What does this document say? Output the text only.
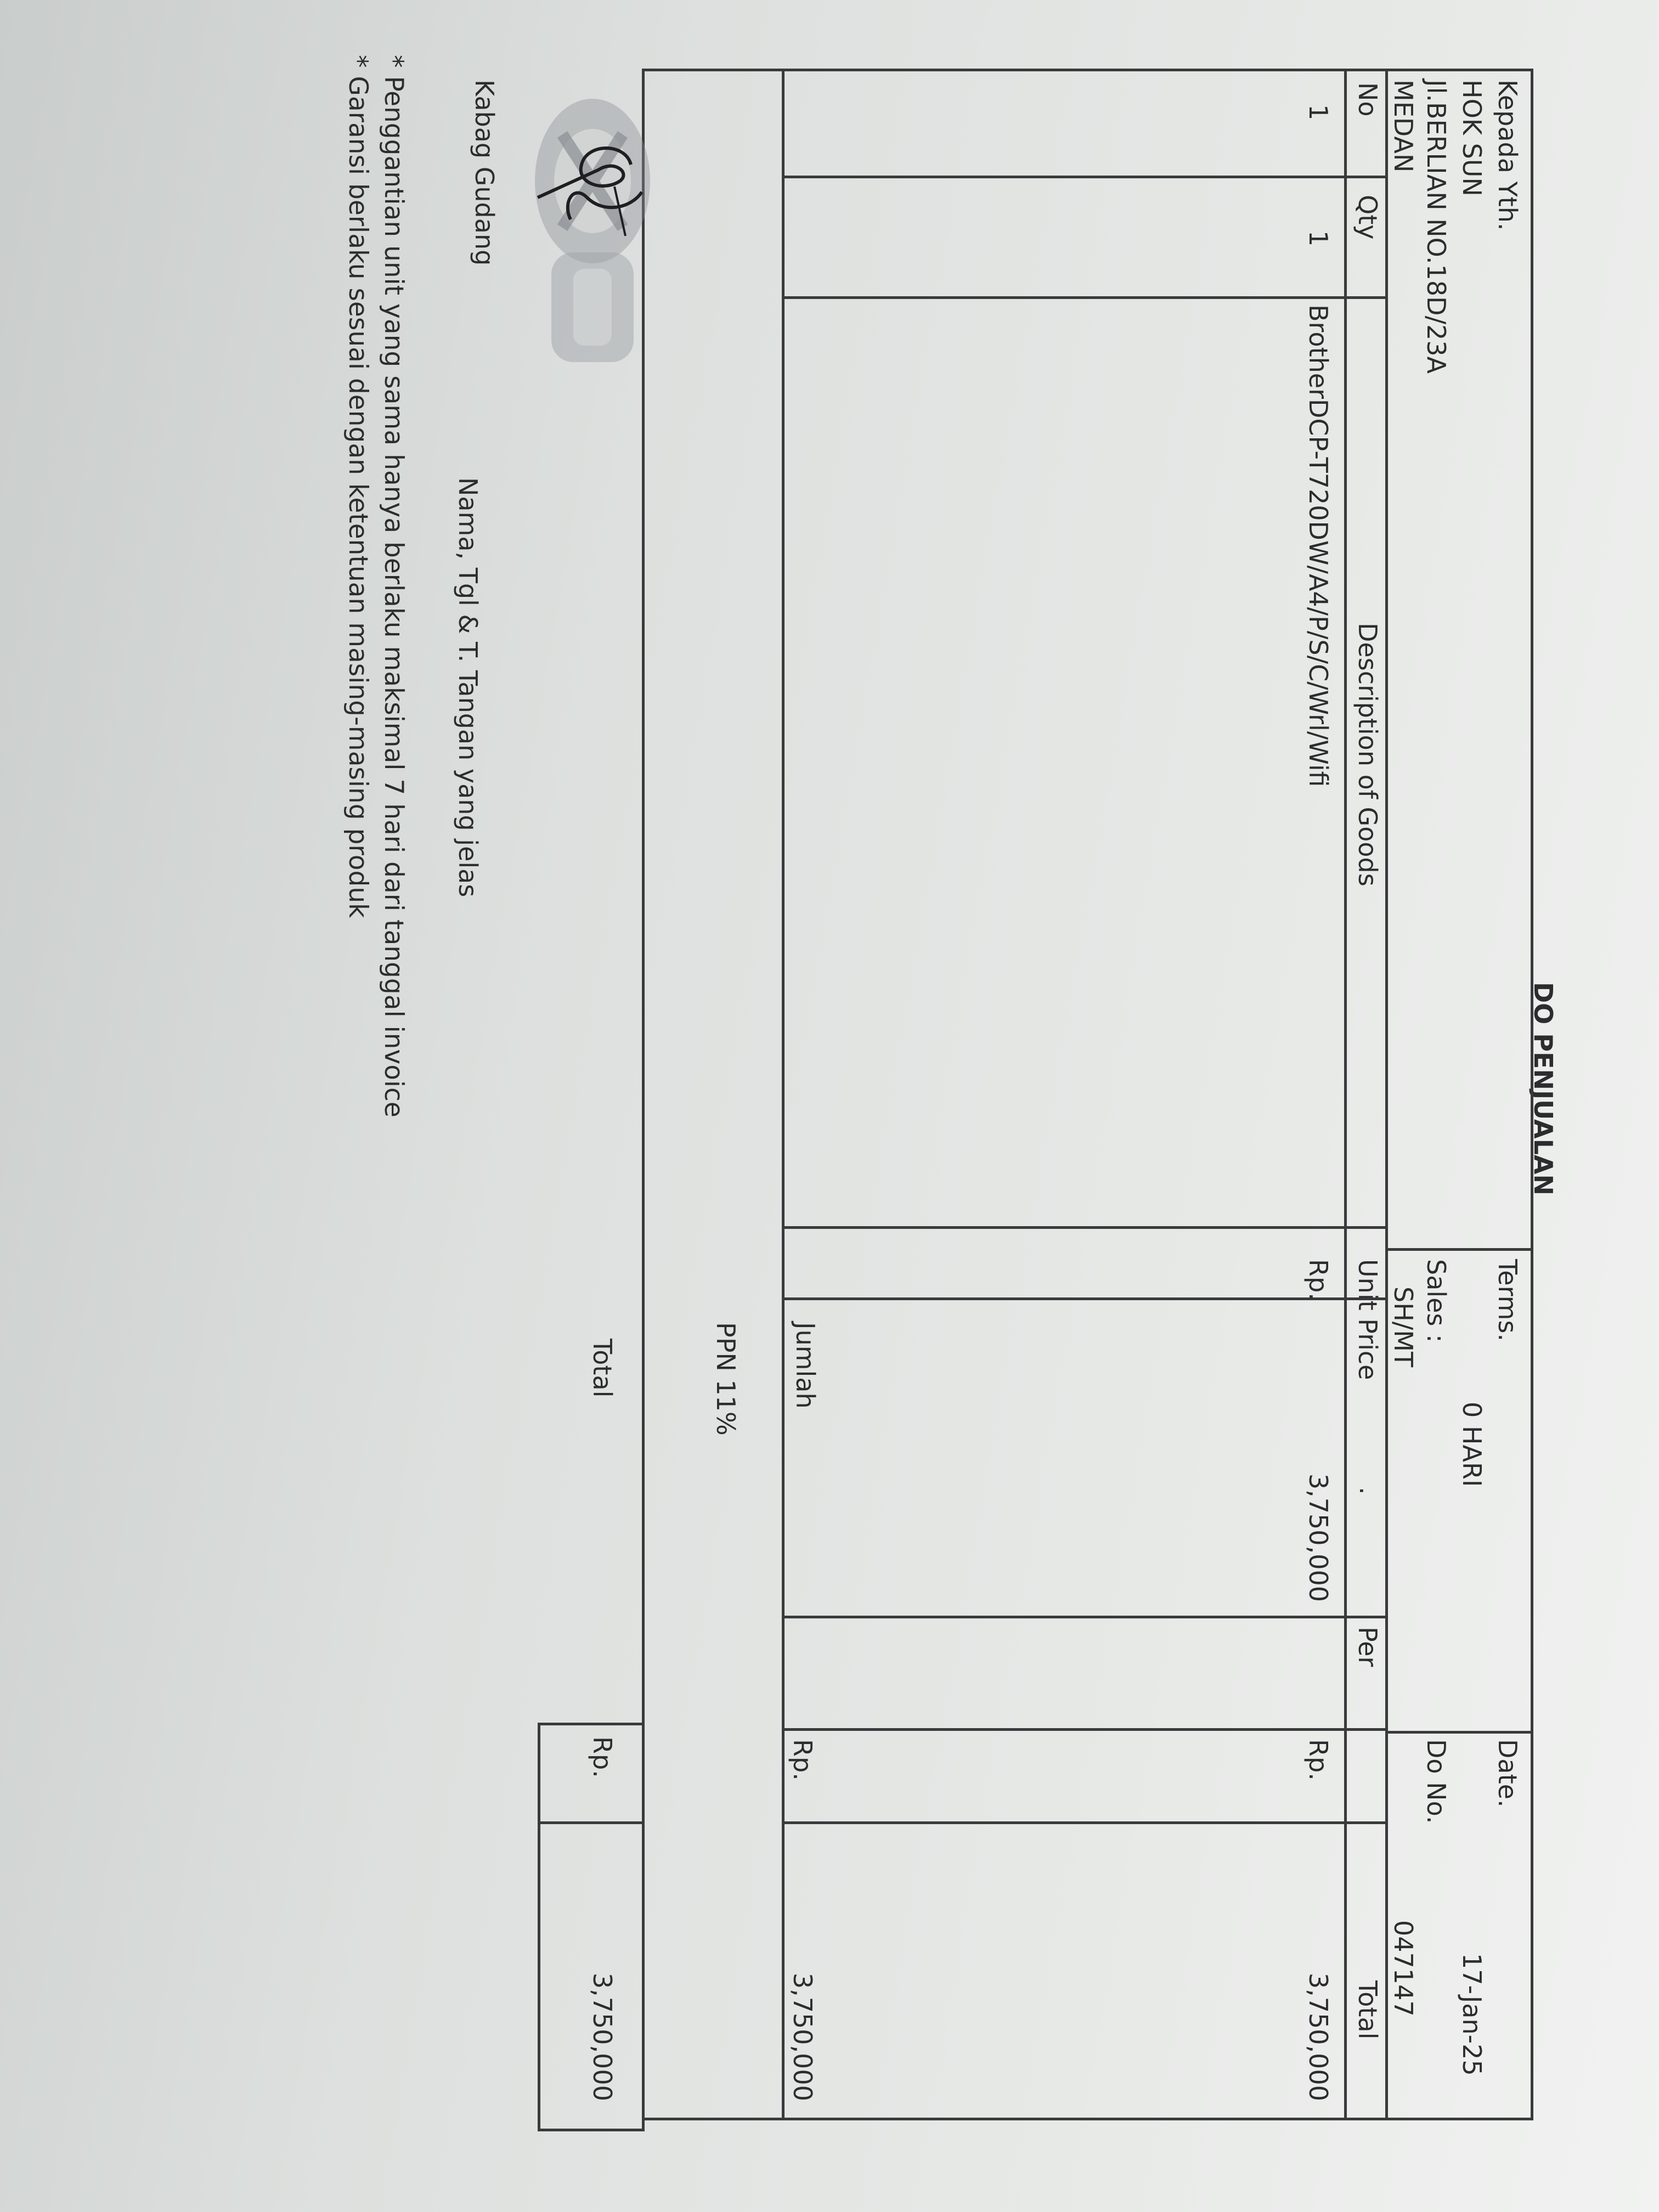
DO PENJUALAN
Kepada Yth.
HOK SUN
Jl.BERLIAN NO.18D/23A
MEDAN
Terms.
0 HARI
Sales :
SH/MT
Date.
17-Jan-25
Do No.
047147
No
Qty
Description of Goods
Unit Price
.
Per
Total
1
1
BrotherDCP-T720DW/A4/P/S/C/Wrl/Wifi
Rp.
3,750,000
Rp.
3,750,000
Jumlah
Rp.
3,750,000
PPN 11%
Total
Rp.
3,750,000
Kabag Gudang
Nama, Tgl & T. Tangan yang jelas
* Penggantian unit yang sama hanya berlaku maksimal 7 hari dari tanggal invoice
* Garansi berlaku sesuai dengan ketentuan masing-masing produk
